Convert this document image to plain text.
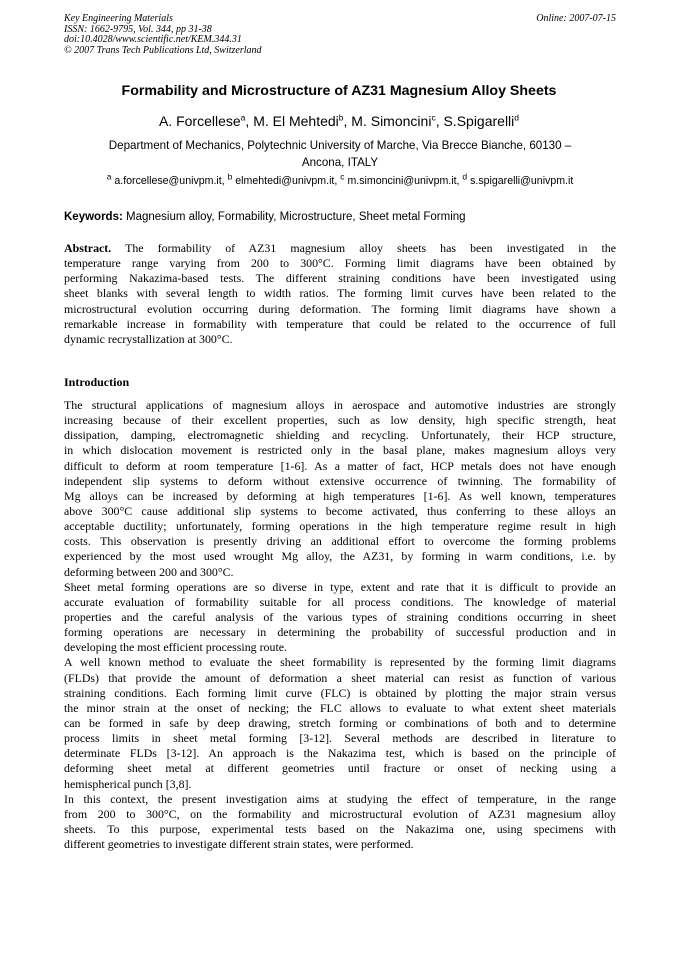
Key Engineering Materials	Online: 2007-07-15
ISSN: 1662-9795, Vol. 344, pp 31-38
doi:10.4028/www.scientific.net/KEM.344.31
© 2007 Trans Tech Publications Ltd, Switzerland
Formability and Microstructure of AZ31 Magnesium Alloy Sheets
A. Forcellese$^a$, M. El Mehtedi$^b$, M. Simoncini$^c$, S.Spigarelli$^d$
Department of Mechanics, Polytechnic University of Marche, Via Brecce Bianche, 60130 –
Ancona, ITALY
$^a$ a.forcellese@univpm.it, $^b$ elmehtedi@univpm.it, $^c$ m.simoncini@univpm.it, $^d$ s.spigarelli@univpm.it
Keywords: Magnesium alloy, Formability, Microstructure, Sheet metal Forming
Abstract. The formability of AZ31 magnesium alloy sheets has been investigated in the
temperature range varying from 200 to 300°C. Forming limit diagrams have been obtained by
performing Nakazima-based tests. The different straining conditions have been investigated using
sheet blanks with several length to width ratios. The forming limit curves have been related to the
microstructural evolution occurring during deformation. The forming limit diagrams have shown a
remarkable increase in formability with temperature that could be related to the occurrence of full
dynamic recrystallization at 300°C.
Introduction
The structural applications of magnesium alloys in aerospace and automotive industries are strongly
increasing because of their excellent properties, such as low density, high specific strength, heat
dissipation, damping, electromagnetic shielding and recycling. Unfortunately, their HCP structure,
in which dislocation movement is restricted only in the basal plane, makes magnesium alloys very
difficult to deform at room temperature [1-6]. As a matter of fact, HCP metals does not have enough
independent slip systems to deform without extensive occurrence of twinning. The formability of
Mg alloys can be increased by deforming at high temperatures [1-6]. As well known, temperatures
above 300°C cause additional slip systems to become activated, thus conferring to these alloys an
acceptable ductility; unfortunately, forming operations in the high temperature regime result in high
costs. This observation is presently driving an additional effort to overcome the forming problems
experienced by the most used wrought Mg alloy, the AZ31, by forming in warm conditions, i.e. by
deforming between 200 and 300°C.
Sheet metal forming operations are so diverse in type, extent and rate that it is difficult to provide an
accurate evaluation of formability suitable for all process conditions. The knowledge of material
properties and the careful analysis of the various types of straining conditions occurring in sheet
forming operations are necessary in determining the probability of successful production and in
developing the most efficient processing route.
A well known method to evaluate the sheet formability is represented by the forming limit diagrams
(FLDs) that provide the amount of deformation a sheet material can resist as function of various
straining conditions. Each forming limit curve (FLC) is obtained by plotting the major strain versus
the minor strain at the onset of necking; the FLC allows to evaluate to what extent sheet materials
can be formed in safe by deep drawing, stretch forming or combinations of both and to determine
process limits in sheet metal forming [3-12]. Several methods are described in literature to
determinate FLDs [3-12]. An approach is the Nakazima test, which is based on the principle of
deforming sheet metal at different geometries until fracture or onset of necking using a
hemispherical punch [3,8].
In this context, the present investigation aims at studying the effect of temperature, in the range
from 200 to 300°C, on the formability and microstructural evolution of AZ31 magnesium alloy
sheets. To this purpose, experimental tests based on the Nakazima one, using specimens with
different geometries to investigate different strain states, were performed.
